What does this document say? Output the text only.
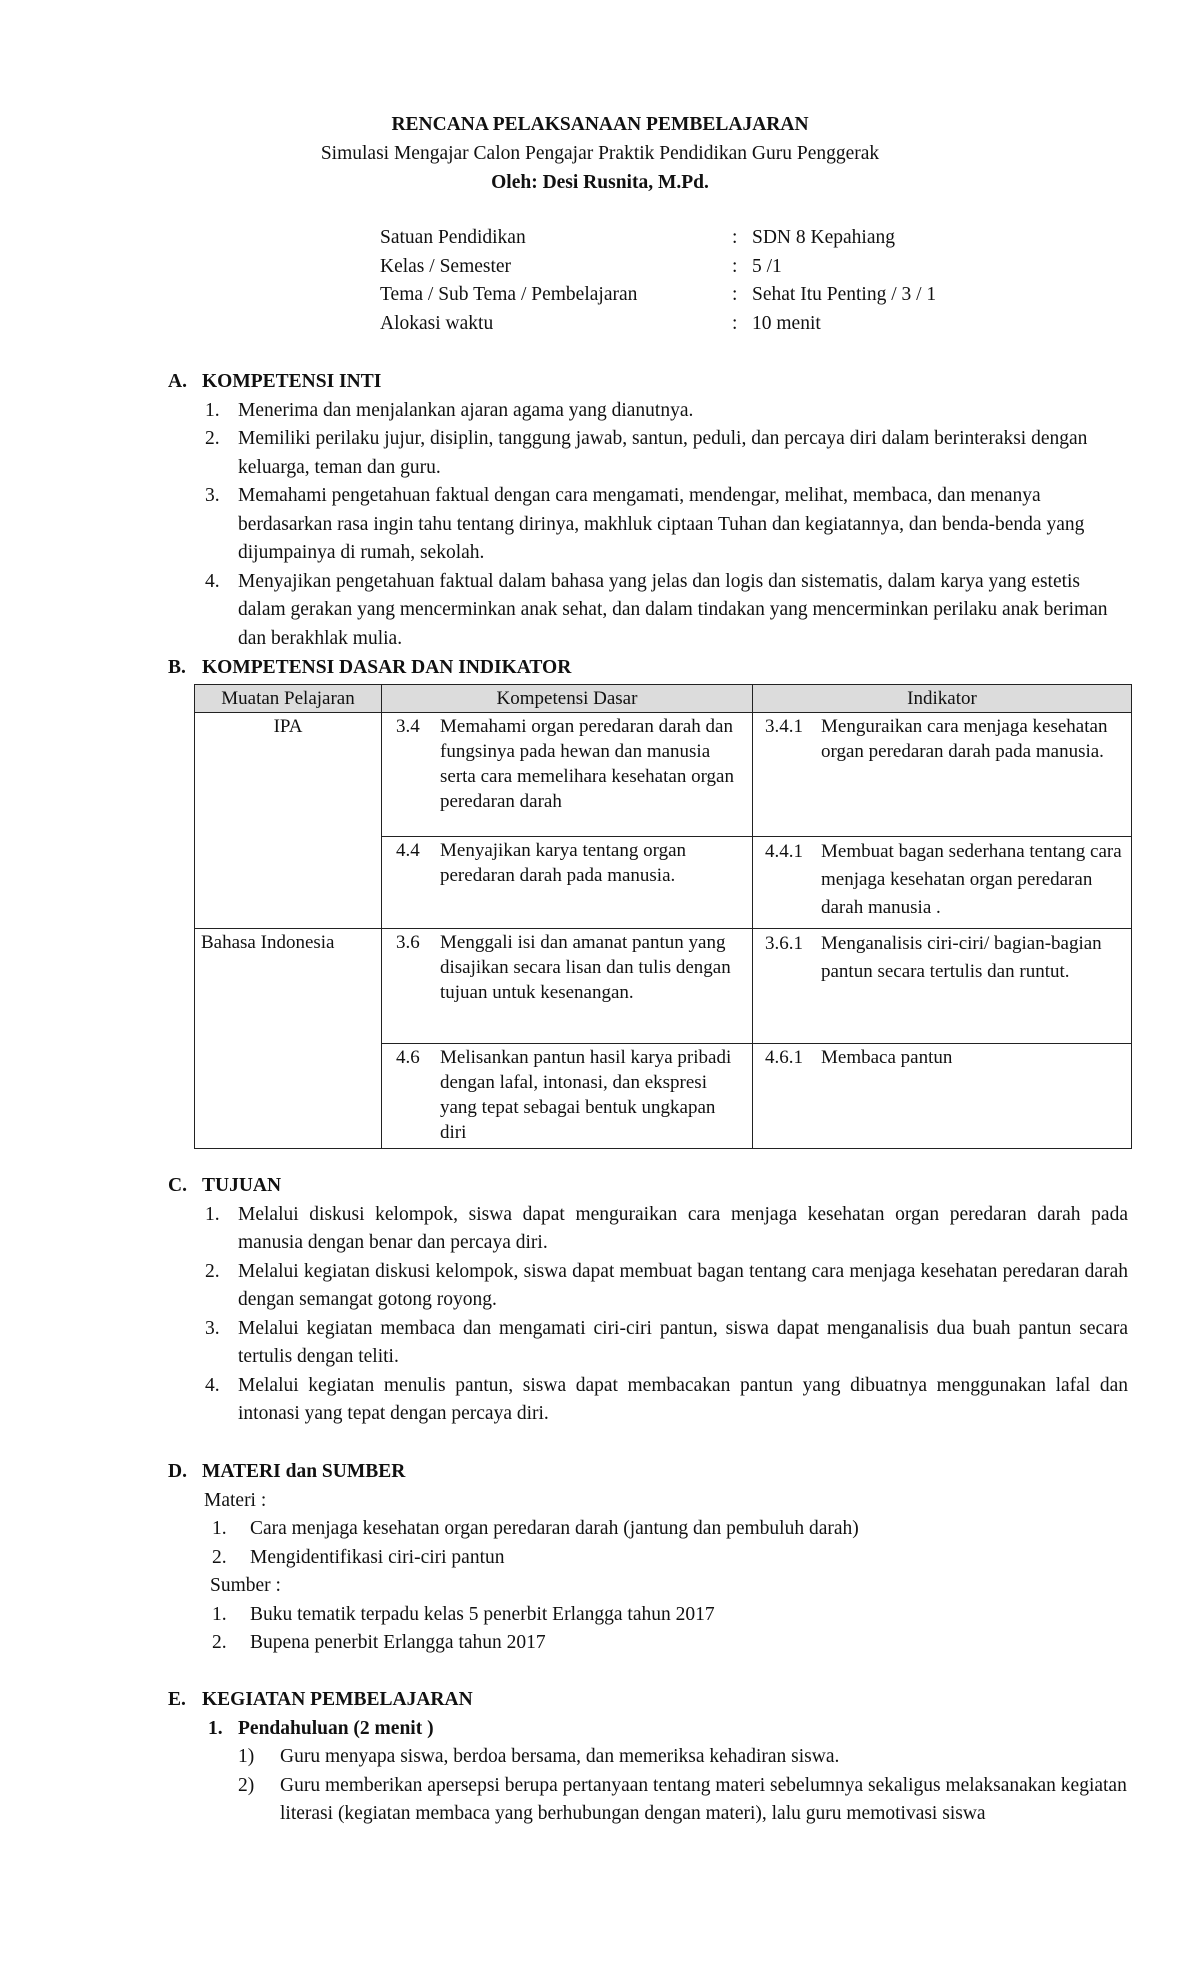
RENCANA PELAKSANAAN PEMBELAJARAN
Simulasi Mengajar Calon Pengajar Praktik Pendidikan Guru Penggerak
Oleh: Desi Rusnita, M.Pd.
Satuan Pendidikan	: SDN 8 Kepahiang
Kelas / Semester	: 5 /1
Tema / Sub Tema / Pembelajaran	: Sehat Itu Penting / 3 / 1
Alokasi waktu	: 10 menit
A. KOMPETENSI INTI
1. Menerima dan menjalankan ajaran agama yang dianutnya.
2. Memiliki perilaku jujur, disiplin, tanggung jawab, santun, peduli, dan percaya diri dalam berinteraksi dengan keluarga, teman dan guru.
3. Memahami pengetahuan faktual dengan cara mengamati, mendengar, melihat, membaca, dan menanya berdasarkan rasa ingin tahu tentang dirinya, makhluk ciptaan Tuhan dan kegiatannya, dan benda-benda yang dijumpainya di rumah, sekolah.
4. Menyajikan pengetahuan faktual dalam bahasa yang jelas dan logis dan sistematis, dalam karya yang estetis dalam gerakan yang mencerminkan anak sehat, dan dalam tindakan yang mencerminkan perilaku anak beriman dan berakhlak mulia.
B. KOMPETENSI DASAR DAN INDIKATOR
Muatan Pelajaran	Kompetensi Dasar	Indikator
IPA	3.4 Memahami organ peredaran darah dan fungsinya pada hewan dan manusia serta cara memelihara kesehatan organ peredaran darah	3.4.1 Menguraikan cara menjaga kesehatan organ peredaran darah pada manusia.

	4.4 Menyajikan karya tentang organ peredaran darah pada manusia.	4.4.1 Membuat bagan sederhana tentang cara menjaga kesehatan organ peredaran darah manusia .

Bahasa Indonesia	3.6 Menggali isi dan amanat pantun yang disajikan secara lisan dan tulis dengan tujuan untuk kesenangan.	3.6.1 Menganalisis ciri-ciri/ bagian-bagian pantun secara tertulis dan runtut.

	4.6 Melisankan pantun hasil karya pribadi dengan lafal, intonasi, dan ekspresi yang tepat sebagai bentuk ungkapan diri	4.6.1 Membaca pantun
C. TUJUAN
1. Melalui diskusi kelompok, siswa dapat menguraikan cara menjaga kesehatan organ peredaran darah pada manusia dengan benar dan percaya diri.
2. Melalui kegiatan diskusi kelompok, siswa dapat membuat bagan tentang cara menjaga kesehatan peredaran darah dengan semangat gotong royong.
3. Melalui kegiatan membaca dan mengamati ciri-ciri pantun, siswa dapat menganalisis dua buah pantun secara tertulis dengan teliti.
4. Melalui kegiatan menulis pantun, siswa dapat membacakan pantun yang dibuatnya menggunakan lafal dan intonasi yang tepat dengan percaya diri.
D. MATERI dan SUMBER
Materi :
1. Cara menjaga kesehatan organ peredaran darah (jantung dan pembuluh darah)
2. Mengidentifikasi ciri-ciri pantun
Sumber :
1. Buku tematik terpadu kelas 5 penerbit Erlangga tahun 2017
2. Bupena penerbit Erlangga tahun 2017
E. KEGIATAN PEMBELAJARAN
1. Pendahuluan (2 menit )
1) Guru menyapa siswa, berdoa bersama, dan memeriksa kehadiran siswa.
2) Guru memberikan apersepsi berupa pertanyaan tentang materi sebelumnya sekaligus melaksanakan kegiatan literasi (kegiatan membaca yang berhubungan dengan materi), lalu guru memotivasi siswa
